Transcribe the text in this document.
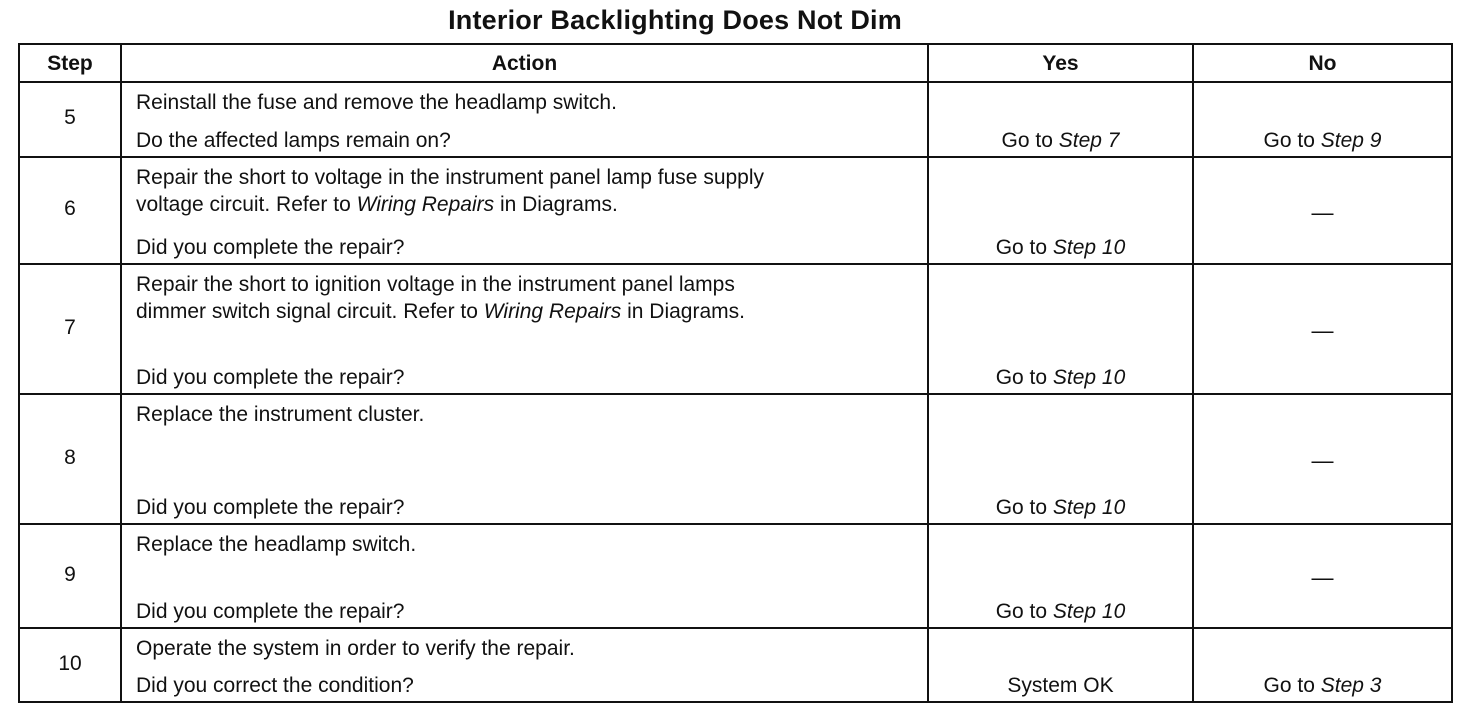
Interior Backlighting Does Not Dim
Step	Action	Yes	No
5	Reinstall the fuse and remove the headlamp switch.
Do the affected lamps remain on?	Go to Step 7	Go to Step 9

6	Repair the short to voltage in the instrument panel lamp fuse supply
voltage circuit. Refer to Wiring Repairs in Diagrams.
Did you complete the repair?	Go to Step 10	—

7	Repair the short to ignition voltage in the instrument panel lamps
dimmer switch signal circuit. Refer to Wiring Repairs in Diagrams.
Did you complete the repair?	Go to Step 10	—

8	Replace the instrument cluster.
Did you complete the repair?	Go to Step 10	—

9	Replace the headlamp switch.
Did you complete the repair?	Go to Step 10	—

10	Operate the system in order to verify the repair.
Did you correct the condition?	System OK	Go to Step 3
